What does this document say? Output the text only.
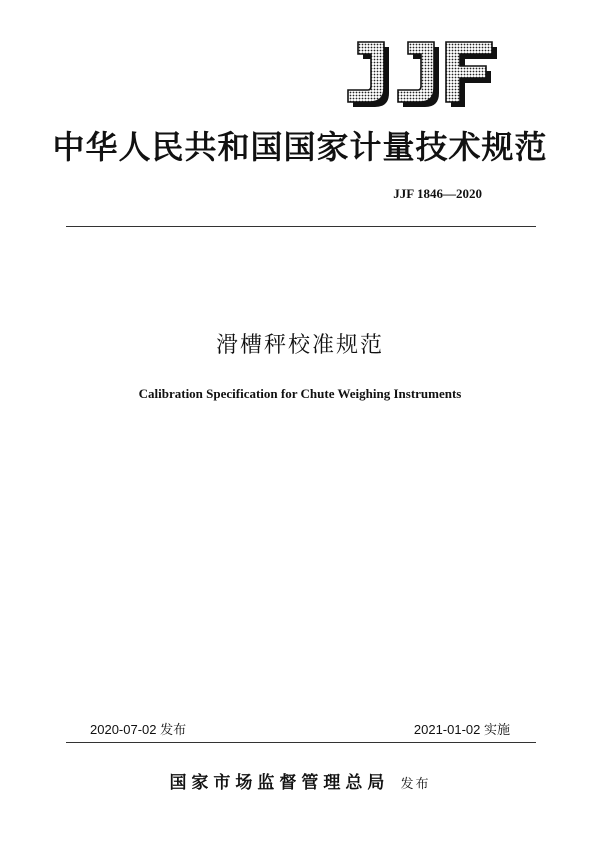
中华人民共和国国家计量技术规范
JJF 1846—2020
滑槽秤校准规范
Calibration Specification for Chute Weighing Instruments
2020-07-02 发布	2021-01-02 实施
国家市场监督管理总局 发布
